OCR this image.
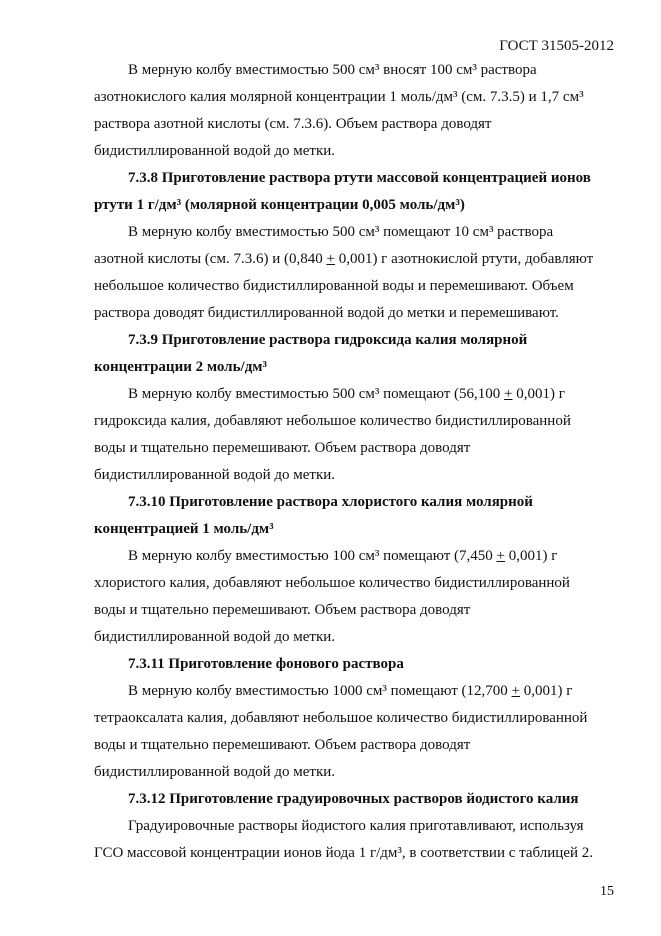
ГОСТ 31505-2012

В мерную колбу вместимостью 500 см³ вносят 100 см³ раствора

азотнокислого калия молярной концентрации 1 моль/дм³ (см. 7.3.5) и 1,7 см³

раствора азотной кислоты (см. 7.3.6). Объем раствора доводят

бидистиллированной водой до метки.

7.3.8 Приготовление раствора ртути массовой концентрацией ионов

ртути 1 г/дм³ (молярной концентрации 0,005 моль/дм³)

В мерную колбу вместимостью 500 см³ помещают 10 см³ раствора

азотной кислоты (см. 7.3.6) и (0,840 + 0,001) г азотнокислой ртути, добавляют

небольшое количество бидистиллированной воды и перемешивают. Объем

раствора доводят бидистиллированной водой до метки и перемешивают.

7.3.9 Приготовление раствора гидроксида калия молярной

концентрации 2 моль/дм³

В мерную колбу вместимостью 500 см³ помещают (56,100 + 0,001) г

гидроксида калия, добавляют небольшое количество бидистиллированной

воды и тщательно перемешивают. Объем раствора доводят

бидистиллированной водой до метки.

7.3.10 Приготовление раствора хлористого калия молярной

концентрацией 1 моль/дм³

В мерную колбу вместимостью 100 см³ помещают (7,450 + 0,001) г

хлористого калия, добавляют небольшое количество бидистиллированной

воды и тщательно перемешивают. Объем раствора доводят

бидистиллированной водой до метки.

7.3.11 Приготовление фонового раствора

В мерную колбу вместимостью 1000 см³ помещают (12,700 + 0,001) г

тетраоксалата калия, добавляют небольшое количество бидистиллированной

воды и тщательно перемешивают. Объем раствора доводят

бидистиллированной водой до метки.

7.3.12 Приготовление градуировочных растворов йодистого калия

Градуировочные растворы йодистого калия приготавливают, используя

ГСО массовой концентрации ионов йода 1 г/дм³, в соответствии с таблицей 2.

15
